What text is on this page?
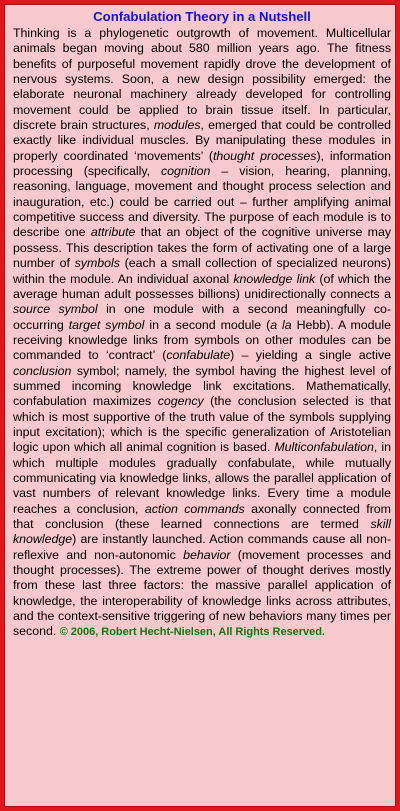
Confabulation Theory in a Nutshell

Thinking is a phylogenetic outgrowth of movement. Multicellular animals began moving about 580 million years ago. The fitness benefits of purposeful movement rapidly drove the development of nervous systems. Soon, a new design possibility emerged: the elaborate neuronal machinery already developed for controlling movement could be applied to brain tissue itself. In particular, discrete brain structures, modules, emerged that could be controlled exactly like individual muscles. By manipulating these modules in properly coordinated ‘movements’ (thought processes), information processing (specifically, cognition – vision, hearing, planning, reasoning, language, movement and thought process selection and inauguration, etc.) could be carried out – further amplifying animal competitive success and diversity. The purpose of each module is to describe one attribute that an object of the cognitive universe may possess. This description takes the form of activating one of a large number of symbols (each a small collection of specialized neurons) within the module. An individual axonal knowledge link (of which the average human adult possesses billions) unidirectionally connects a source symbol in one module with a second meaningfully co-occurring target symbol in a second module (a la Hebb). A module receiving knowledge links from symbols on other modules can be commanded to ‘contract’ (confabulate) – yielding a single active conclusion symbol; namely, the symbol having the highest level of summed incoming knowledge link excitations. Mathematically, confabulation maximizes cogency (the conclusion selected is that which is most supportive of the truth value of the symbols supplying input excitation); which is the specific generalization of Aristotelian logic upon which all animal cognition is based. Multiconfabulation, in which multiple modules gradually confabulate, while mutually communicating via knowledge links, allows the parallel application of vast numbers of relevant knowledge links. Every time a module reaches a conclusion, action commands axonally connected from that conclusion (these learned connections are termed skill knowledge) are instantly launched. Action commands cause all non-reflexive and non-autonomic behavior (movement processes and thought processes). The extreme power of thought derives mostly from these last three factors: the massive parallel application of knowledge, the interoperability of knowledge links across attributes, and the context-sensitive triggering of new behaviors many times per second. © 2006, Robert Hecht-Nielsen, All Rights Reserved.
